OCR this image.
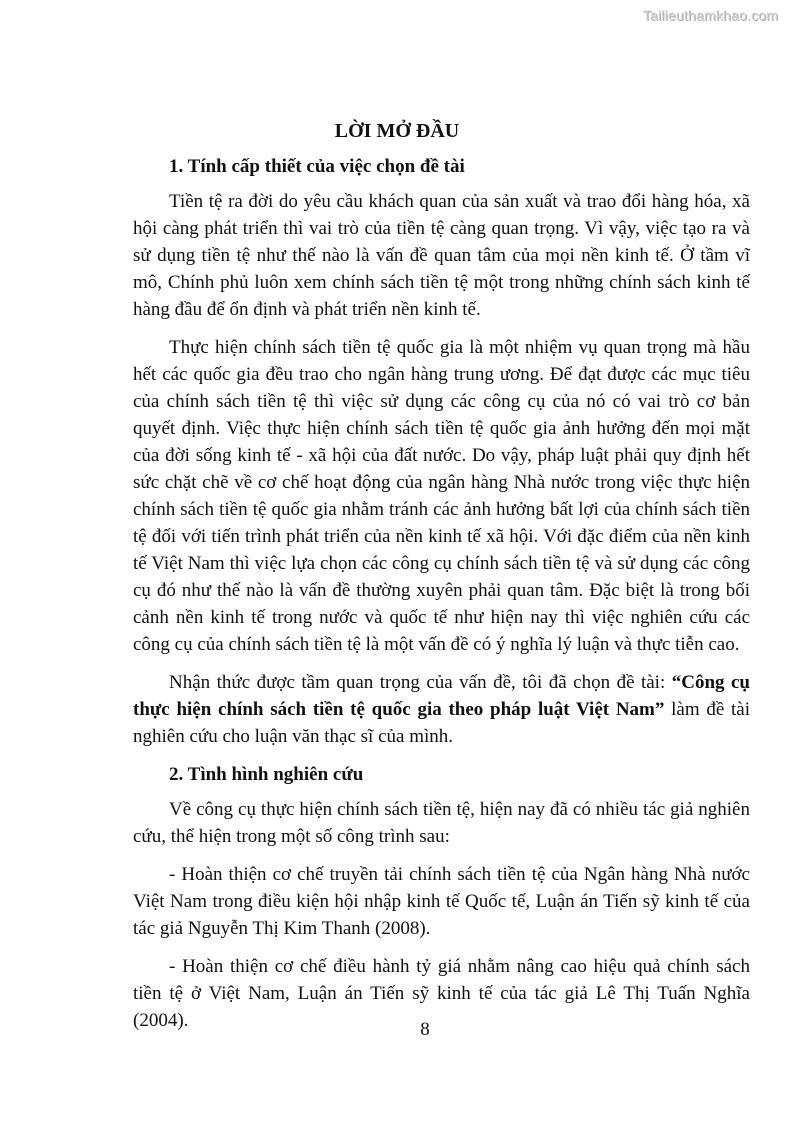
Tailieuthamkhao.com
LỜI MỞ ĐẦU
1. Tính cấp thiết của việc chọn đề tài

Tiền tệ ra đời do yêu cầu khách quan của sản xuất và trao đổi hàng hóa, xã hội càng phát triển thì vai trò của tiền tệ càng quan trọng. Vì vậy, việc tạo ra và sử dụng tiền tệ như thế nào là vấn đề quan tâm của mọi nền kinh tế. Ở tầm vĩ mô, Chính phủ luôn xem chính sách tiền tệ một trong những chính sách kinh tế hàng đầu để ổn định và phát triển nền kinh tế.

Thực hiện chính sách tiền tệ quốc gia là một nhiệm vụ quan trọng mà hầu hết các quốc gia đều trao cho ngân hàng trung ương. Để đạt được các mục tiêu của chính sách tiền tệ thì việc sử dụng các công cụ của nó có vai trò cơ bản quyết định. Việc thực hiện chính sách tiền tệ quốc gia ảnh hưởng đến mọi mặt của đời sống kinh tế - xã hội của đất nước. Do vậy, pháp luật phải quy định hết sức chặt chẽ về cơ chế hoạt động của ngân hàng Nhà nước trong việc thực hiện chính sách tiền tệ quốc gia nhằm tránh các ảnh hưởng bất lợi của chính sách tiền tệ đối với tiến trình phát triển của nền kinh tế xã hội. Với đặc điểm của nền kinh tế Việt Nam thì việc lựa chọn các công cụ chính sách tiền tệ và sử dụng các công cụ đó như thế nào là vấn đề thường xuyên phải quan tâm. Đặc biệt là trong bối cảnh nền kinh tế trong nước và quốc tế như hiện nay thì việc nghiên cứu các công cụ của chính sách tiền tệ là một vấn đề có ý nghĩa lý luận và thực tiễn cao.

Nhận thức được tầm quan trọng của vấn đề, tôi đã chọn đề tài: “Công cụ thực hiện chính sách tiền tệ quốc gia theo pháp luật Việt Nam” làm đề tài nghiên cứu cho luận văn thạc sĩ của mình.

2. Tình hình nghiên cứu

Về công cụ thực hiện chính sách tiền tệ, hiện nay đã có nhiều tác giả nghiên cứu, thể hiện trong một số công trình sau:

- Hoàn thiện cơ chế truyền tải chính sách tiền tệ của Ngân hàng Nhà nước Việt Nam trong điều kiện hội nhập kinh tế Quốc tế, Luận án Tiến sỹ kinh tế của tác giả Nguyễn Thị Kim Thanh (2008).

- Hoàn thiện cơ chế điều hành tỷ giá nhằm nâng cao hiệu quả chính sách tiền tệ ở Việt Nam, Luận án Tiến sỹ kinh tế của tác giả Lê Thị Tuấn Nghĩa (2004).	8
